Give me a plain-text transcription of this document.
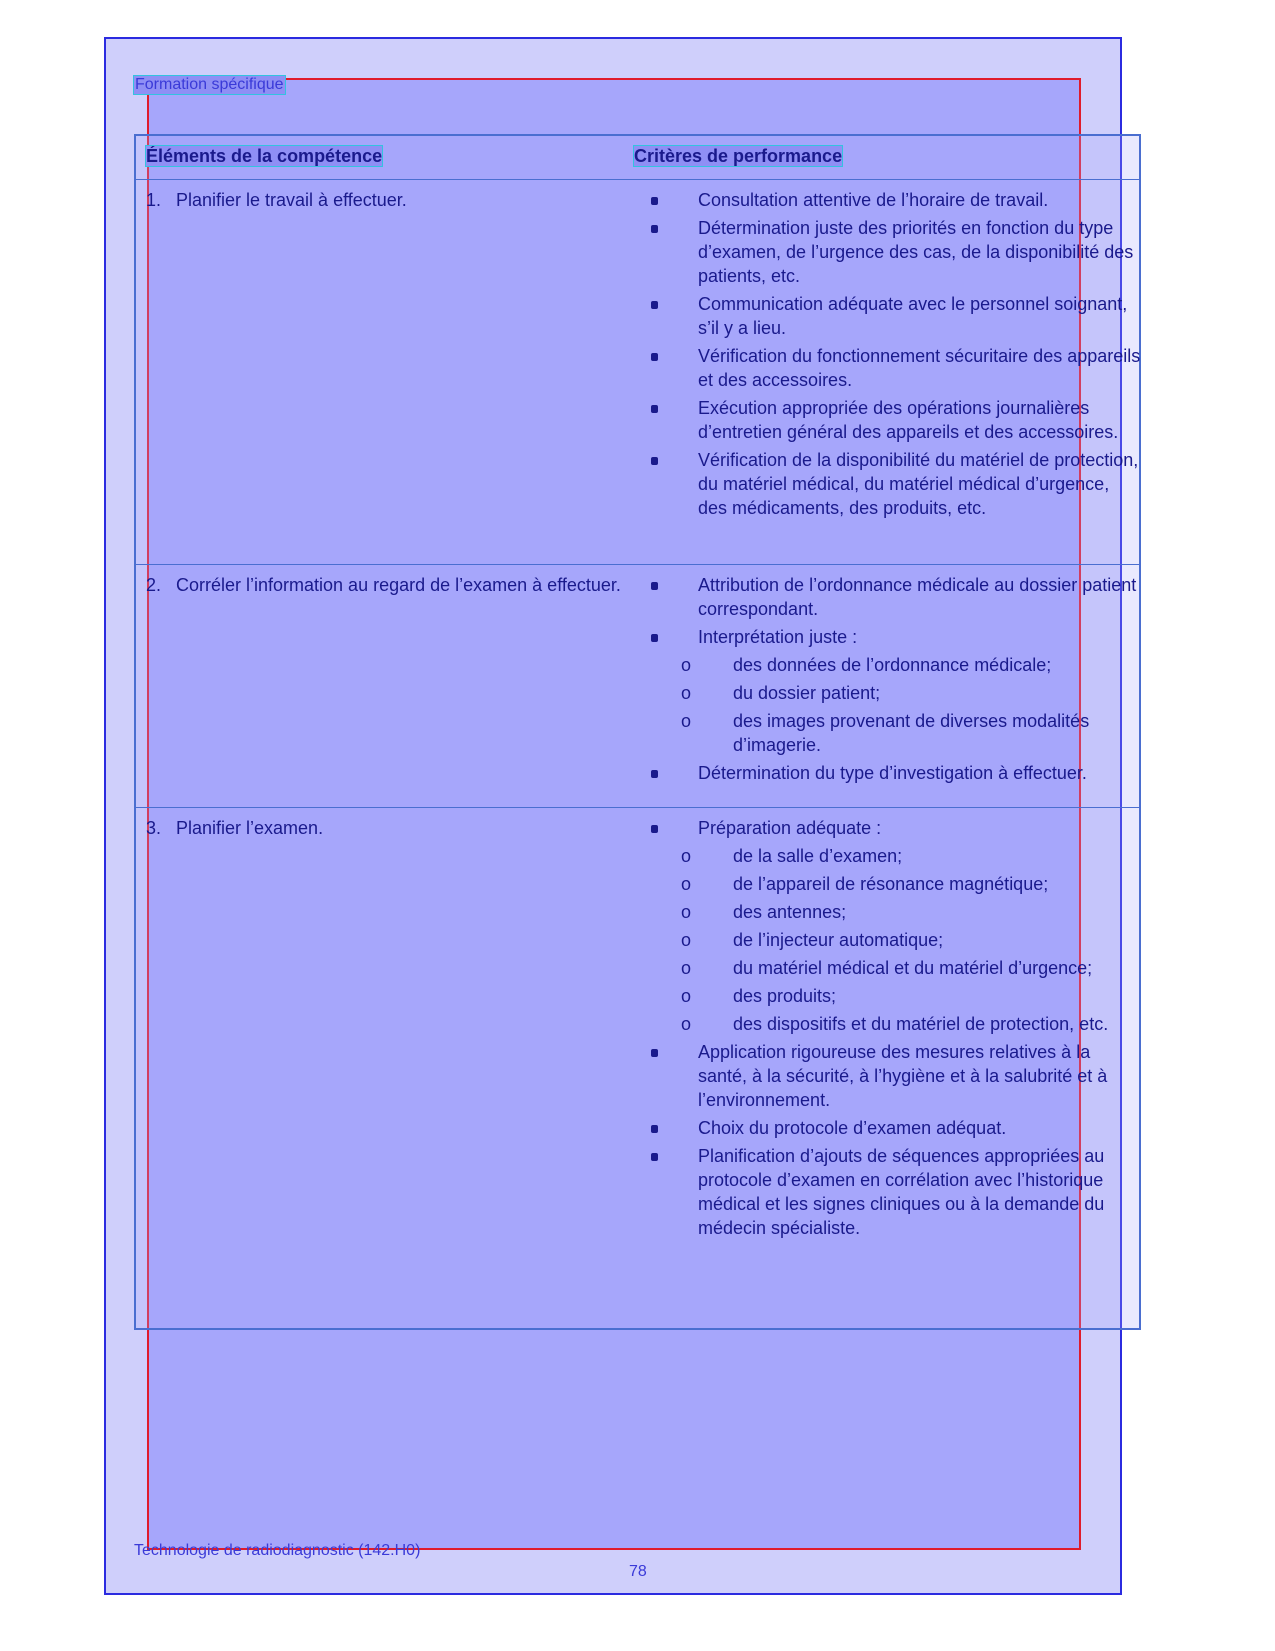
Formation spécifique
Éléments de la compétence	Critères de performance
1. Planifier le travail à effectuer.	Consultation attentive de l’horaire de travail.
Détermination juste des priorités en fonction du type d’examen, de l’urgence des cas, de la disponibilité des patients, etc.
Communication adéquate avec le personnel soignant, s’il y a lieu.
Vérification du fonctionnement sécuritaire des appareils et des accessoires.
Exécution appropriée des opérations journalières d’entretien général des appareils et des accessoires.
Vérification de la disponibilité du matériel de protection, du matériel médical, du matériel médical d’urgence, des médicaments, des produits, etc.
2. Corréler l’information au regard de l’examen à effectuer.	Attribution de l’ordonnance médicale au dossier patient correspondant.
Interprétation juste :
o	des données de l’ordonnance médicale;
o	du dossier patient;
o	des images provenant de diverses modalités d’imagerie.
Détermination du type d’investigation à effectuer.
3. Planifier l’examen.	Préparation adéquate :
o	de la salle d’examen;
o	de l’appareil de résonance magnétique;
o	des antennes;
o	de l’injecteur automatique;
o	du matériel médical et du matériel d’urgence;
o	des produits;
o	des dispositifs et du matériel de protection, etc.
Application rigoureuse des mesures relatives à la santé, à la sécurité, à l’hygiène et à la salubrité et à l’environnement.
Choix du protocole d’examen adéquat.
Planification d’ajouts de séquences appropriées au protocole d’examen en corrélation avec l’historique médical et les signes cliniques ou à la demande du médecin spécialiste.
Technologie de radiodiagnostic (142.H0)
78
